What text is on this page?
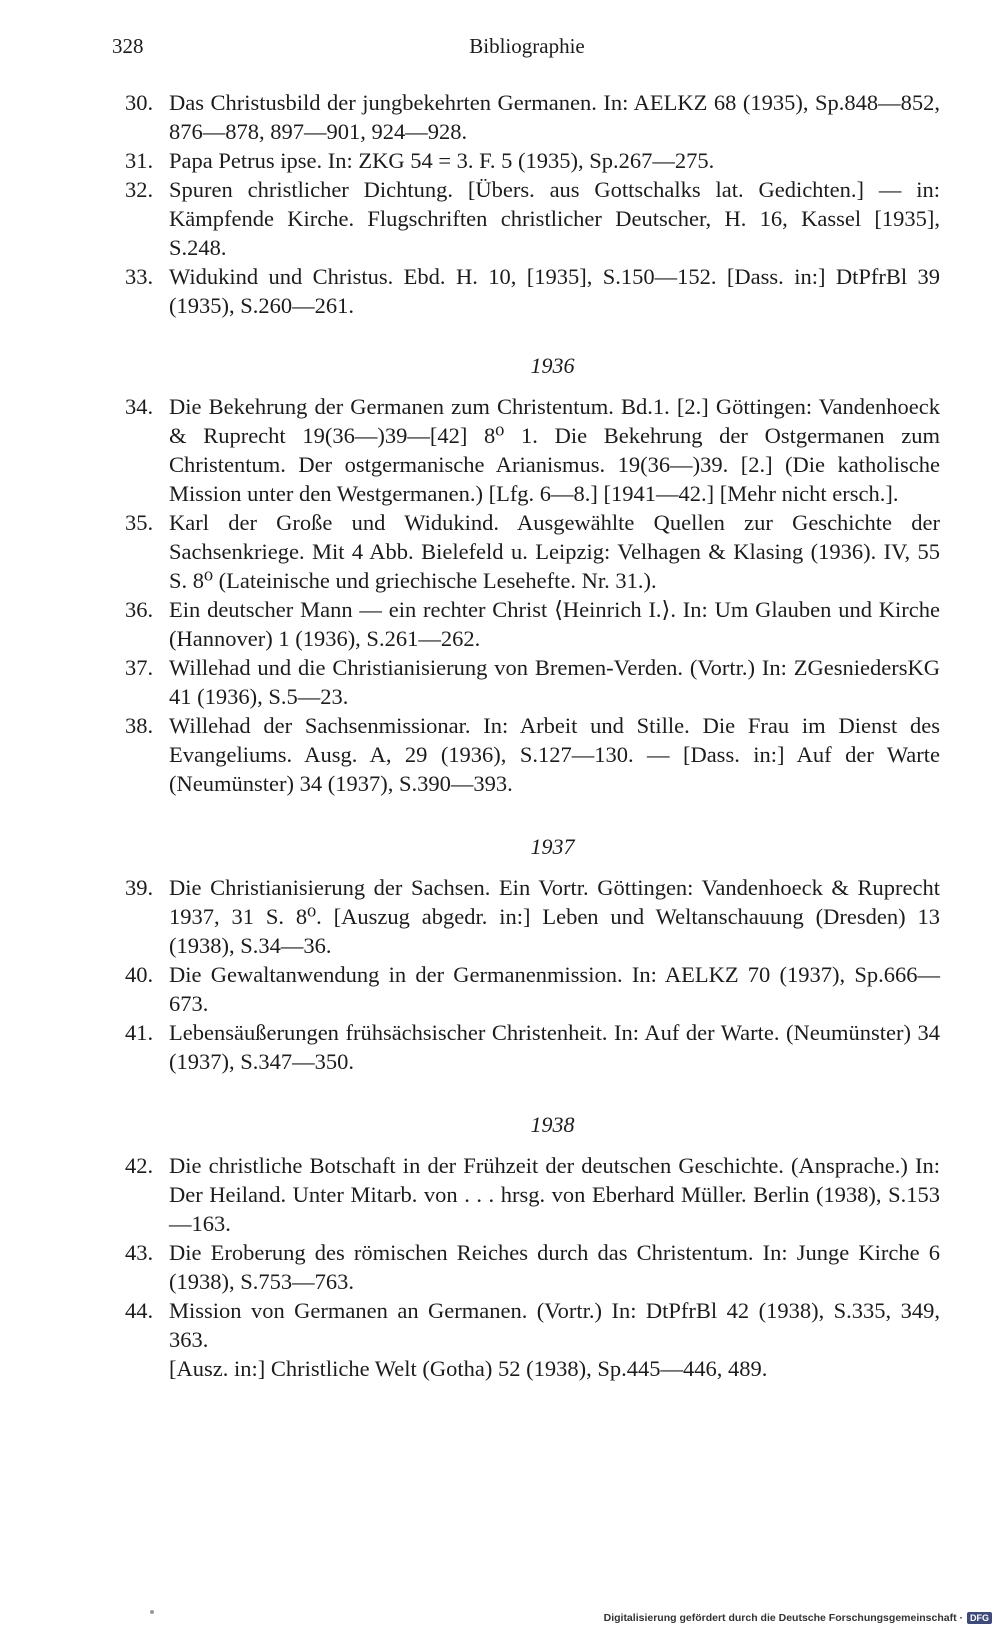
328	Bibliographie
30. Das Christusbild der jungbekehrten Germanen. In: AELKZ 68 (1935), Sp.848—852, 876—878, 897—901, 924—928.
31. Papa Petrus ipse. In: ZKG 54 = 3. F. 5 (1935), Sp.267—275.
32. Spuren christlicher Dichtung. [Übers. aus Gottschalks lat. Gedichten.] — in: Kämpfende Kirche. Flugschriften christlicher Deutscher, H. 16, Kassel [1935], S.248.
33. Widukind und Christus. Ebd. H. 10, [1935], S.150—152. [Dass. in:] DtPfrBl 39 (1935), S.260—261.
1936
34. Die Bekehrung der Germanen zum Christentum. Bd.1. [2.] Göttingen: Vandenhoeck & Ruprecht 19(36—)39—[42] 8⁰ 1. Die Bekehrung der Ostgermanen zum Christentum. Der ostgermanische Arianismus. 19(36—)39. [2.] (Die katholische Mission unter den Westgermanen.) [Lfg. 6—8.] [1941—42.] [Mehr nicht ersch.].
35. Karl der Große und Widukind. Ausgewählte Quellen zur Geschichte der Sachsenkriege. Mit 4 Abb. Bielefeld u. Leipzig: Velhagen & Klasing (1936). IV, 55 S. 8⁰ (Lateinische und griechische Lesehefte. Nr. 31.).
36. Ein deutscher Mann — ein rechter Christ ⟨Heinrich I.⟩. In: Um Glauben und Kirche (Hannover) 1 (1936), S.261—262.
37. Willehad und die Christianisierung von Bremen-Verden. (Vortr.) In: ZGesniedersKG 41 (1936), S.5—23.
38. Willehad der Sachsenmissionar. In: Arbeit und Stille. Die Frau im Dienst des Evangeliums. Ausg. A, 29 (1936), S.127—130. — [Dass. in:] Auf der Warte (Neumünster) 34 (1937), S.390—393.
1937
39. Die Christianisierung der Sachsen. Ein Vortr. Göttingen: Vandenhoeck & Ruprecht 1937, 31 S. 8⁰. [Auszug abgedr. in:] Leben und Weltanschauung (Dresden) 13 (1938), S.34—36.
40. Die Gewaltanwendung in der Germanenmission. In: AELKZ 70 (1937), Sp.666—673.
41. Lebensäußerungen frühsächsischer Christenheit. In: Auf der Warte. (Neumünster) 34 (1937), S.347—350.
1938
42. Die christliche Botschaft in der Frühzeit der deutschen Geschichte. (Ansprache.) In: Der Heiland. Unter Mitarb. von . . . hrsg. von Eberhard Müller. Berlin (1938), S.153—163.
43. Die Eroberung des römischen Reiches durch das Christentum. In: Junge Kirche 6 (1938), S.753—763.
44. Mission von Germanen an Germanen. (Vortr.) In: DtPfrBl 42 (1938), S.335, 349, 363.
[Ausz. in:] Christliche Welt (Gotha) 52 (1938), Sp.445—446, 489.
Digitalisierung gefördert durch die Deutsche Forschungsgemeinschaft · DFG
